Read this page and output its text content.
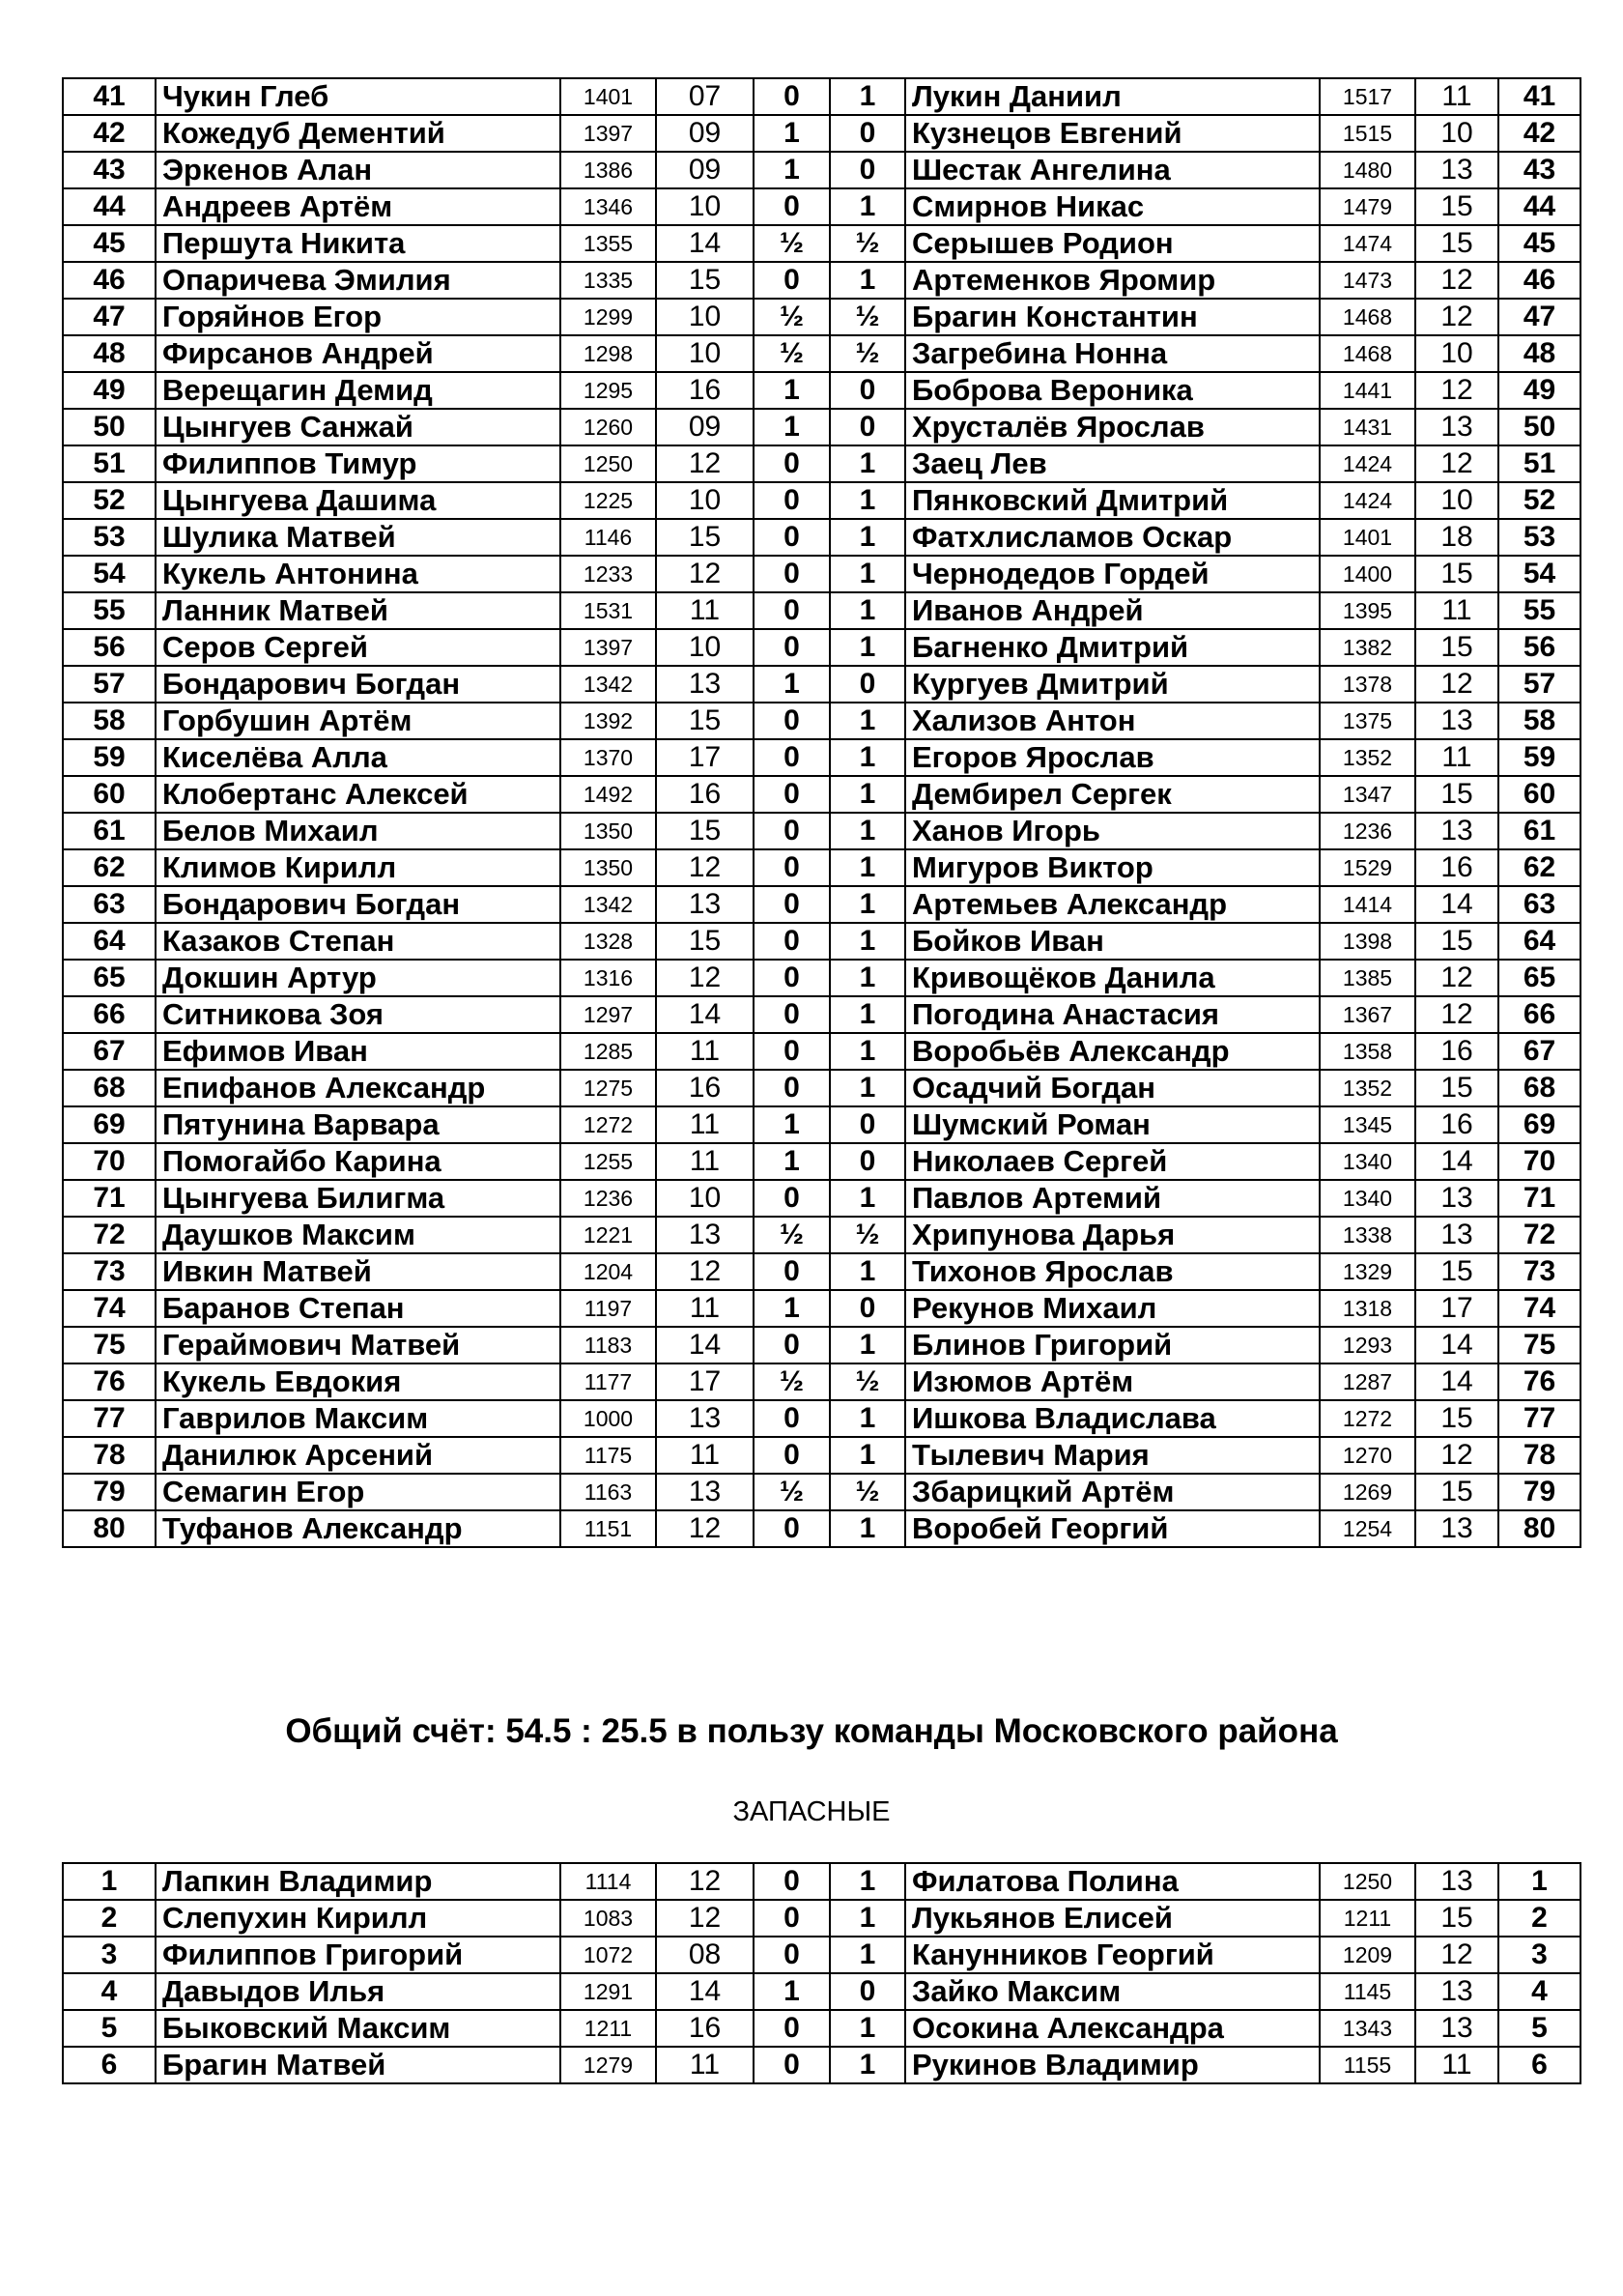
41	Чукин Глеб	1401	07	0	1	Лукин Даниил	1517	11	41
42	Кожедуб Дементий	1397	09	1	0	Кузнецов Евгений	1515	10	42
43	Эркенов Алан	1386	09	1	0	Шестак Ангелина	1480	13	43
44	Андреев Артём	1346	10	0	1	Смирнов Никас	1479	15	44
45	Першута Никита	1355	14	½	½	Серышев Родион	1474	15	45
46	Опаричева Эмилия	1335	15	0	1	Артеменков Яромир	1473	12	46
47	Горяйнов Егор	1299	10	½	½	Брагин Константин	1468	12	47
48	Фирсанов Андрей	1298	10	½	½	Загребина Нонна	1468	10	48
49	Верещагин Демид	1295	16	1	0	Боброва Вероника	1441	12	49
50	Цынгуев Санжай	1260	09	1	0	Хрусталёв Ярослав	1431	13	50
51	Филиппов Тимур	1250	12	0	1	Заец Лев	1424	12	51
52	Цынгуева Дашима	1225	10	0	1	Пянковский Дмитрий	1424	10	52
53	Шулика Матвей	1146	15	0	1	Фатхлисламов Оскар	1401	18	53
54	Кукель Антонина	1233	12	0	1	Чернодедов Гордей	1400	15	54
55	Ланник Матвей	1531	11	0	1	Иванов Андрей	1395	11	55
56	Серов Сергей	1397	10	0	1	Багненко Дмитрий	1382	15	56
57	Бондарович Богдан	1342	13	1	0	Кургуев Дмитрий	1378	12	57
58	Горбушин Артём	1392	15	0	1	Хализов Антон	1375	13	58
59	Киселёва Алла	1370	17	0	1	Егоров Ярослав	1352	11	59
60	Клобертанс Алексей	1492	16	0	1	Дембирел Сергек	1347	15	60
61	Белов Михаил	1350	15	0	1	Ханов Игорь	1236	13	61
62	Климов Кирилл	1350	12	0	1	Мигуров Виктор	1529	16	62
63	Бондарович Богдан	1342	13	0	1	Артемьев Александр	1414	14	63
64	Казаков Степан	1328	15	0	1	Бойков Иван	1398	15	64
65	Докшин Артур	1316	12	0	1	Кривощёков Данила	1385	12	65
66	Ситникова Зоя	1297	14	0	1	Погодина Анастасия	1367	12	66
67	Ефимов Иван	1285	11	0	1	Воробьёв Александр	1358	16	67
68	Епифанов Александр	1275	16	0	1	Осадчий Богдан	1352	15	68
69	Пятунина Варвара	1272	11	1	0	Шумский Роман	1345	16	69
70	Помогайбо Карина	1255	11	1	0	Николаев Сергей	1340	14	70
71	Цынгуева Билигма	1236	10	0	1	Павлов Артемий	1340	13	71
72	Даушков Максим	1221	13	½	½	Хрипунова Дарья	1338	13	72
73	Ивкин Матвей	1204	12	0	1	Тихонов Ярослав	1329	15	73
74	Баранов Степан	1197	11	1	0	Рекунов Михаил	1318	17	74
75	Гераймович Матвей	1183	14	0	1	Блинов Григорий	1293	14	75
76	Кукель Евдокия	1177	17	½	½	Изюмов Артём	1287	14	76
77	Гаврилов Максим	1000	13	0	1	Ишкова Владислава	1272	15	77
78	Данилюк Арсений	1175	11	0	1	Тылевич Мария	1270	12	78
79	Семагин Егор	1163	13	½	½	Збарицкий Артём	1269	15	79
80	Туфанов Александр	1151	12	0	1	Воробей Георгий	1254	13	80
Общий счёт: 54.5 : 25.5 в пользу команды Московского района
ЗАПАСНЫЕ
1	Лапкин Владимир	1114	12	0	1	Филатова Полина	1250	13	1
2	Слепухин Кирилл	1083	12	0	1	Лукьянов Елисей	1211	15	2
3	Филиппов Григорий	1072	08	0	1	Канунников Георгий	1209	12	3
4	Давыдов Илья	1291	14	1	0	Зайко Максим	1145	13	4
5	Быковский Максим	1211	16	0	1	Осокина Александра	1343	13	5
6	Брагин Матвей	1279	11	0	1	Рукинов Владимир	1155	11	6
